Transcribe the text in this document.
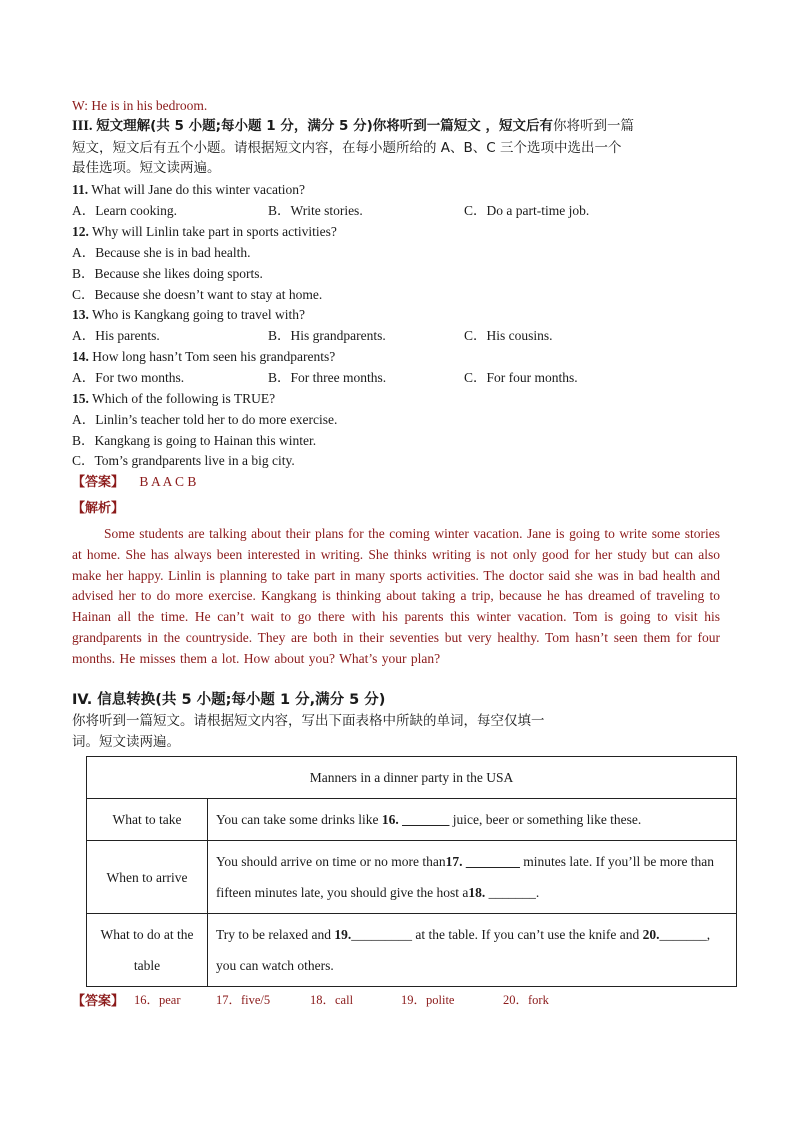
W: He is in his bedroom.
III. 短文理解(共 5 小题;每小题 1 分，满分 5 分)你将听到一篇短文 ，短文后有你将听到一篇
短文，短文后有五个小题。请根据短文内容，在每小题所给的 A、B、C 三个选项中选出一个
最佳选项。短文读两遍。
11. What will Jane do this winter vacation?
A．Learn cooking.	B．Write stories.	C．Do a part-time job.
12. Why will Linlin take part in sports activities?
A．Because she is in bad health.
B．Because she likes doing sports.
C．Because she doesn’t want to stay at home.
13. Who is Kangkang going to travel with?
A．His parents.	B．His grandparents.	C．His cousins.
14. How long hasn’t Tom seen his grandparents?
A．For two months.	B．For three months.	C．For four months.
15. Which of the following is TRUE?
A．Linlin’s teacher told her to do more exercise.
B．Kangkang is going to Hainan this winter.
C．Tom’s grandparents live in a big city.
【答案】 B A A C B
【解析】
Some students are talking about their plans for the coming winter vacation. Jane is going to write some stories at home. She has always been interested in writing. She thinks writing is not only good for her study but can also make her happy. Linlin is planning to take part in many sports activities. The doctor said she was in bad health and advised her to do more exercise. Kangkang is thinking about taking a trip, because he has dreamed of traveling to Hainan all the time. He can’t wait to go there with his parents this winter vacation. Tom is going to visit his grandparents in the countryside. They are both in their seventies but very healthy. Tom hasn’t seen them for four months. He misses them a lot. How about you? What’s your plan?
IV. 信息转换(共 5 小题;每小题 1 分,满分 5 分)
你将听到一篇短文。请根据短文内容，写出下面表格中所缺的单词，每空仅填一
词。短文读两遍。
Manners in a dinner party in the USA	
What to take	You can take some drinks like 16. _______ juice, beer or something like these.
When to arrive	You should arrive on time or no more than17. ________ minutes late. If you’ll be more than fifteen minutes late, you should give the host a18. _______.
What to do at the table	Try to be relaxed and 19._________ at the table. If you can’t use the knife and 20._______, you can watch others.
【答案】 16．pear	17．five/5	18．call	19．polite	20．fork
